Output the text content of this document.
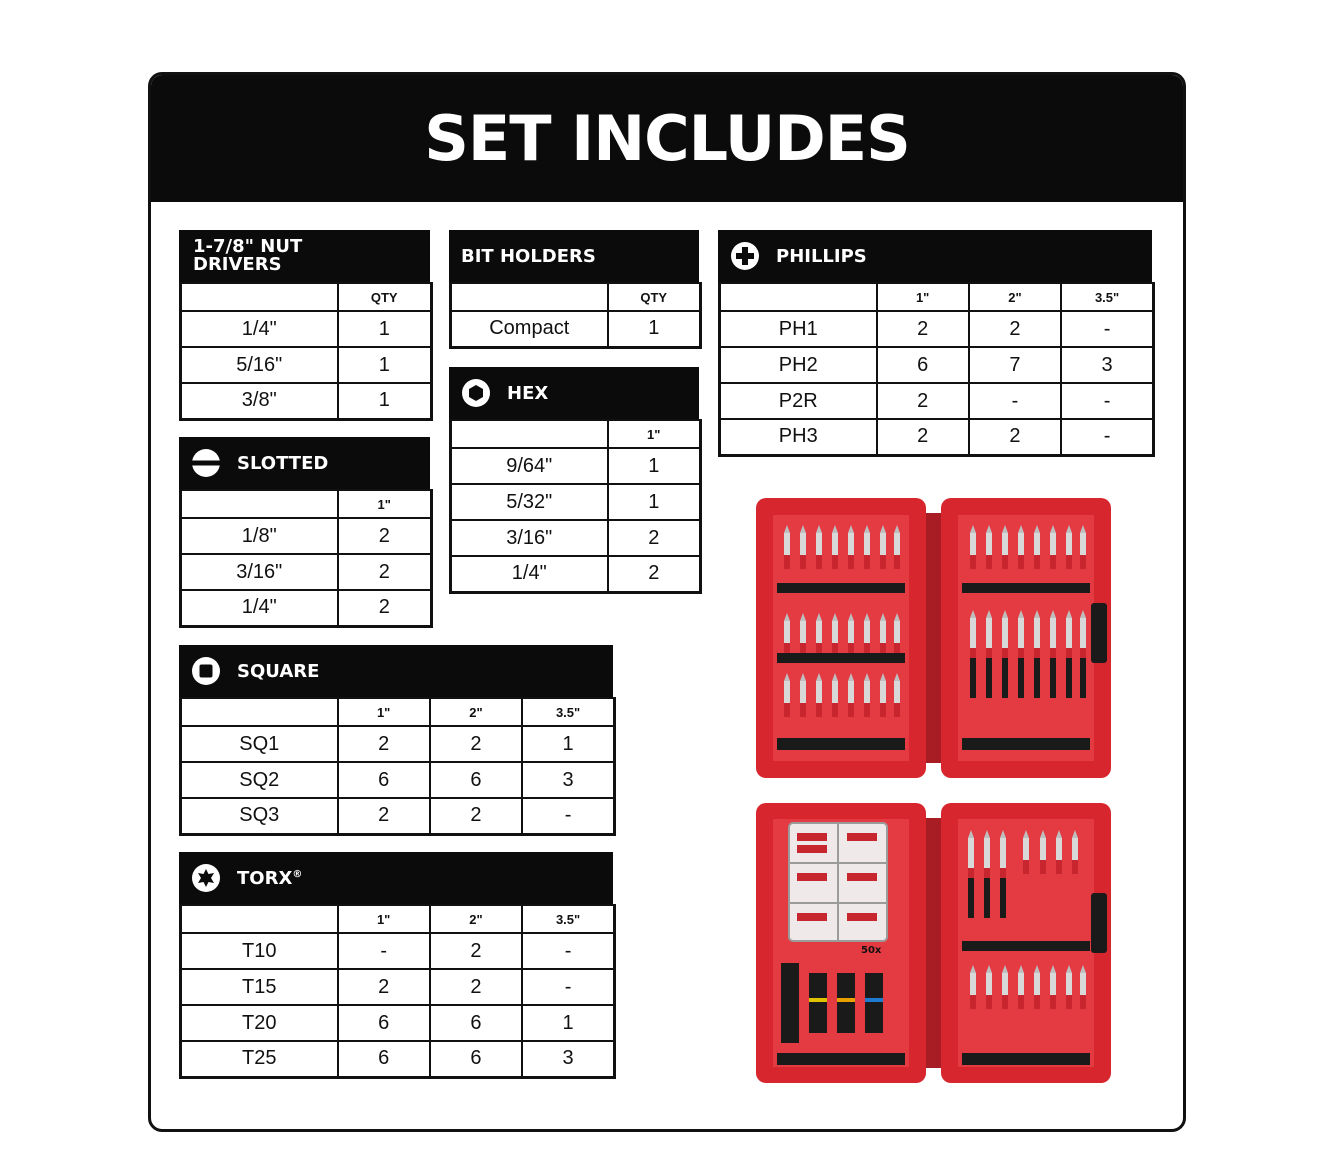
SET INCLUDES
1-7/8" NUT
DRIVERS
	QTY
1/4"	1
5/16"	1
3/8"	1
BIT HOLDERS
	QTY
Compact	1
PHILLIPS
	1"	2"	3.5"
PH1	2	2	-
PH2	6	7	3
P2R	2	-	-
PH3	2	2	-
HEX
	1"
9/64"	1
5/32"	1
3/16"	2
1/4"	2
SLOTTED
	1"
1/8"	2
3/16"	2
1/4"	2
SQUARE
	1"	2"	3.5"
SQ1	2	2	1
SQ2	6	6	3
SQ3	2	2	-
TORX®
	1"	2"	3.5"
T10	-	2	-
T15	2	2	-
T20	6	6	1
T25	6	6	3
50x
